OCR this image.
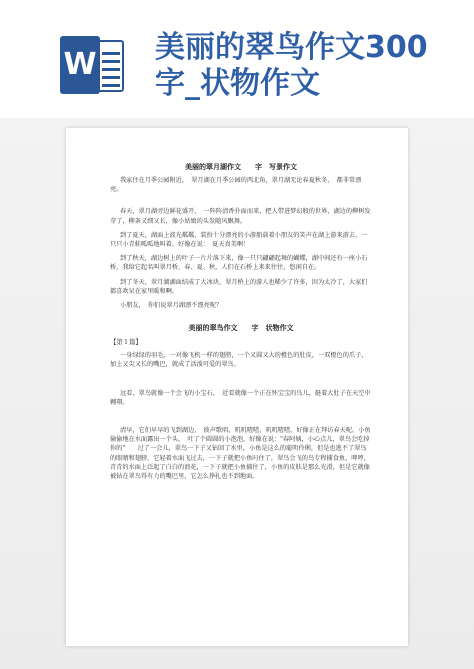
W 美丽的翠鸟作文300字_状物作文
美丽的翠月湖作文　　字　写景作文

我家住在月季公园附近，　翠月湖在月季公园的西北角，翠月湖无论春夏秋冬，　都非常漂亮。

春天，翠月湖旁边鲜花盛开，　一阵阵清香扑面而来，把人带进梦幻般的世界，湖边的柳树发芽了，柳条又细又长，像小姑娘的头发随风飘舞。

到了夏天，湖面上波光粼粼，装扮十分漂亮的小游船载着小朋友的笑声在湖上游来游去，一只只小青蛙呱呱地叫着，好像在说：　夏天真美啊！

到了秋天，湖边树上的叶子一片片落下来，像一只只翩翩起舞的蝴蝶，湖中间还有一座小石桥，我给它起名叫翠月桥，春、夏、秋，人们在石桥上来来往往，悠闲自在。

到了冬天，翠月湖湖面结成了大冰块，翠月桥上的游人也稀少了许多，因为太冷了，大家们都喜欢呆在家里暖和啊。

小朋友，　你们说翠月湖漂不漂亮呢？

美丽的翠鸟作文　　字　状物作文
【第１篇】

一身绿绿的羽毛，一对像飞机一样的翅膀，一个又圆又大的橙色的肚皮，一双橙色的爪子，　加上又尖又长的嘴巴，就成了活泼可爱的翠鸟。

远看，翠鸟就像一个会飞的小宝石，　近看就像一个正在怀宝宝的鸟儿，挺着大肚子在天空中翱翔。

清早，它们早早的飞到湖边，　彼声歌唱，叽叽喳喳，叽叽喳喳，好像正在拜访春天呢。小鱼偷偷地在水面露出一个头，　吐了个圆圆的小泡泡，好像在说："春阿姨，小心点儿，翠鸟会吃掉你的"　　过了一会儿，翠鸟一下子又钻回了水里，小鱼是这么的聪明伶俐，但是也逃不了翠鸟的眼睛和翅膀，它轻着水面飞过去，一下子就把小鱼叼住了，翠鸟会飞的鸟专程捕食鱼，呷哼，青青的水面上泛起了白白的浪花，一下子就把小鱼捕住了，小鱼的皮肤是那么光滑，但是它就像被钻在翠鸟得有力的嘴巴里，它怎么挣扎也不到地面。
